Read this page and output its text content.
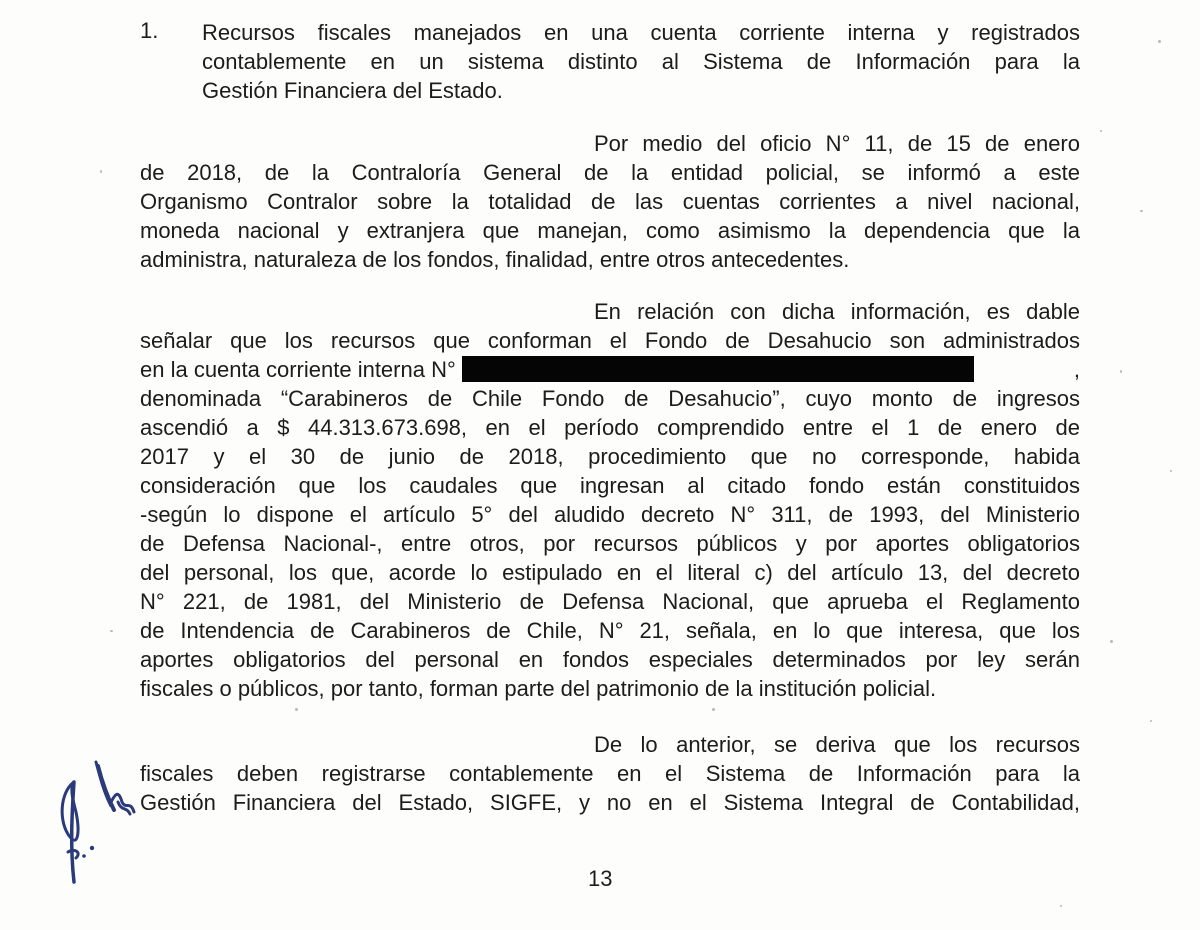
1. Recursos fiscales manejados en una cuenta corriente interna y registrados
contablemente en un sistema distinto al Sistema de Información para la
Gestión Financiera del Estado.
Por medio del oficio N° 11, de 15 de enero
de 2018, de la Contraloría General de la entidad policial, se informó a este
Organismo Contralor sobre la totalidad de las cuentas corrientes a nivel nacional,
moneda nacional y extranjera que manejan, como asimismo la dependencia que la
administra, naturaleza de los fondos, finalidad, entre otros antecedentes.
En relación con dicha información, es dable
señalar que los recursos que conforman el Fondo de Desahucio son administrados
en la cuenta corriente interna N°	,
denominada “Carabineros de Chile Fondo de Desahucio”, cuyo monto de ingresos
ascendió a $ 44.313.673.698, en el período comprendido entre el 1 de enero de
2017 y el 30 de junio de 2018, procedimiento que no corresponde, habida
consideración que los caudales que ingresan al citado fondo están constituidos
-según lo dispone el artículo 5° del aludido decreto N° 311, de 1993, del Ministerio
de Defensa Nacional-, entre otros, por recursos públicos y por aportes obligatorios
del personal, los que, acorde lo estipulado en el literal c) del artículo 13, del decreto
N° 221, de 1981, del Ministerio de Defensa Nacional, que aprueba el Reglamento
de Intendencia de Carabineros de Chile, N° 21, señala, en lo que interesa, que los
aportes obligatorios del personal en fondos especiales determinados por ley serán
fiscales o públicos, por tanto, forman parte del patrimonio de la institución policial.
De lo anterior, se deriva que los recursos
fiscales deben registrarse contablemente en el Sistema de Información para la
Gestión Financiera del Estado, SIGFE, y no en el Sistema Integral de Contabilidad,
13
